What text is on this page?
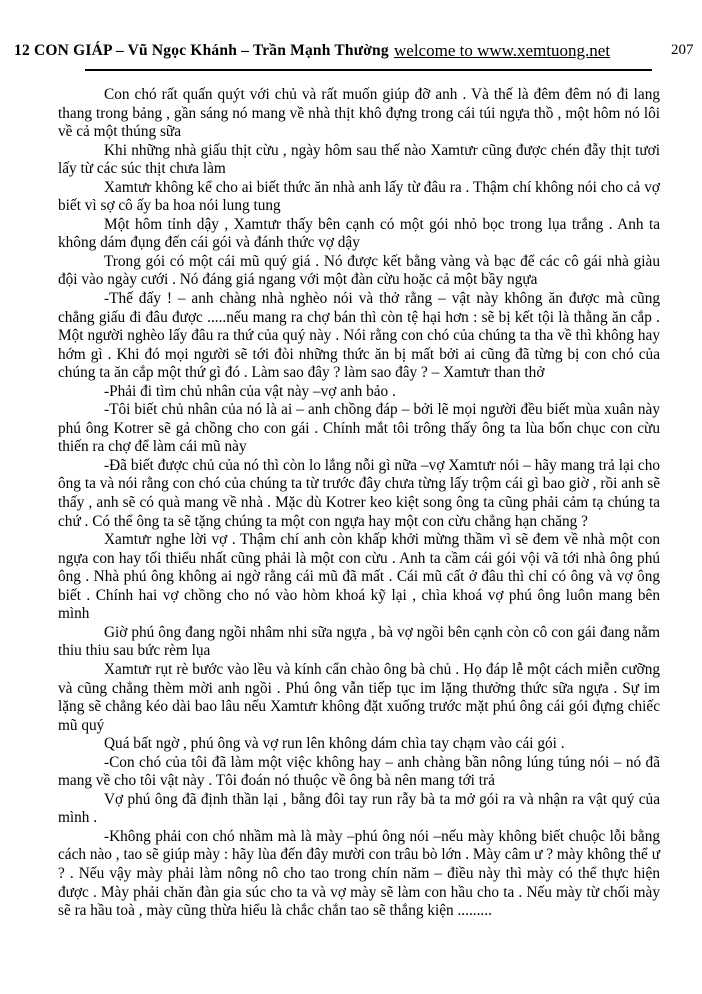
12 CON GIÁP – Vũ Ngọc Khánh – Trần Mạnh Thường welcome to www.xemtuong.net	207

Con chó rất quấn quýt với chủ và rất muốn giúp đỡ anh . Và thế là đêm đêm nó đi lang thang trong bảng , gần sáng nó mang về nhà thịt khô đựng trong cái túi ngựa thồ , một hôm nó lôi về cả một thúng sữa

Khi những nhà giấu thịt cừu , ngày hôm sau thế nào Xamtưr cũng được chén đẫy thịt tươi lấy từ các súc thịt chưa làm

Xamtưr không kể cho ai biết thức ăn nhà anh lấy từ đâu ra . Thậm chí không nói cho cả vợ biết vì sợ cô ấy ba hoa nói lung tung

Một hôm tỉnh dậy , Xamtưr thấy bên cạnh có một gói nhỏ bọc trong lụa trắng . Anh ta không dám đụng đến cái gói và đánh thức vợ dậy

Trong gói có một cái mũ quý giá . Nó được kết bằng vàng và bạc để các cô gái nhà giàu đội vào ngày cưới . Nó đáng giá ngang với một đàn cừu hoặc cả một bầy ngựa

-Thế đấy ! – anh chàng nhà nghèo nói và thở rằng – vật này không ăn được mà cũng chẳng giấu đi đâu được .....nếu mang ra chợ bán thì còn tệ hại hơn : sẽ bị kết tội là thằng ăn cắp . Một người nghèo lấy đâu ra thứ của quý này . Nói rằng con chó của chúng ta tha về thì không hay hớm gì . Khi đó mọi người sẽ tới đòi những thức ăn bị mất bởi ai cũng đã từng bị con chó của chúng ta ăn cắp một thứ gì đó . Làm sao đây ? làm sao đây ? – Xamtưr than thở

-Phải đi tìm chủ nhân của vật này –vợ anh bảo .

-Tôi biết chủ nhân của nó là ai – anh chồng đáp – bởi lẽ mọi người đều biết mùa xuân này phú ông Kotrer sẽ gả chồng cho con gái . Chính mắt tôi trông thấy ông ta lùa bốn chục con cừu thiến ra chợ để làm cái mũ này

-Đã biết được chủ của nó thì còn lo lắng nỗi gì nữa –vợ Xamtưr nói – hãy mang trả lại cho ông ta và nói rằng con chó của chúng ta từ trước đây chưa từng lấy trộm cái gì bao giờ , rồi anh sẽ thấy , anh sẽ có quà mang về nhà . Mặc dù Kotrer keo kiệt song ông ta cũng phải cảm tạ chúng ta chứ . Có thể ông ta sẽ tặng chúng ta một con ngựa hay một con cừu chẳng hạn chăng ?

Xamtưr nghe lời vợ . Thậm chí anh còn khấp khởi mừng thầm vì sẽ đem về nhà một con ngựa con hay tối thiểu nhất cũng phải là một con cừu . Anh ta cầm cái gói vội vã tới nhà ông phú ông . Nhà phú ông không ai ngờ rằng cái mũ đã mất . Cái mũ cất ở đâu thì chỉ có ông và vợ ông biết . Chính hai vợ chồng cho nó vào hòm khoá kỹ lại , chìa khoá vợ phú ông luôn mang bên mình

Giờ phú ông đang ngồi nhâm nhi sữa ngựa , bà vợ ngồi bên cạnh còn cô con gái đang nằm thiu thiu sau bức rèm lụa

Xamtưr rụt rè bước vào lều và kính cẩn chào ông bà chủ . Họ đáp lễ một cách miễn cưỡng và cũng chẳng thèm mời anh ngồi . Phú ông vẫn tiếp tục im lặng thưởng thức sữa ngựa . Sự im lặng sẽ chẳng kéo dài bao lâu nếu Xamtưr không đặt xuống trước mặt phú ông cái gói đựng chiếc mũ quý

Quá bất ngờ , phú ông và vợ run lên không dám chìa tay chạm vào cái gói .

-Con chó của tôi đã làm một việc không hay – anh chàng bần nông lúng túng nói – nó đã mang về cho tôi vật này . Tôi đoán nó thuộc về ông bà nên mang tới trả

Vợ phú ông đã định thần lại , bằng đôi tay run rẫy bà ta mở gói ra và nhận ra vật quý của mình .

-Không phải con chó nhầm mà là mày –phú ông nói –nếu mày không biết chuộc lỗi bằng cách nào , tao sẽ giúp mày : hãy lùa đến đây mười con trâu bò lớn . Mày câm ư ? mày không thể ư ? . Nếu vậy mày phải làm nông nô cho tao trong chín năm – điều này thì mày có thể thực hiện được . Mày phải chăn đàn gia súc cho ta và vợ mày sẽ làm con hầu cho ta . Nếu mày từ chối mày sẽ ra hầu toà , mày cũng thừa hiểu là chắc chắn tao sẽ thắng kiện .........
